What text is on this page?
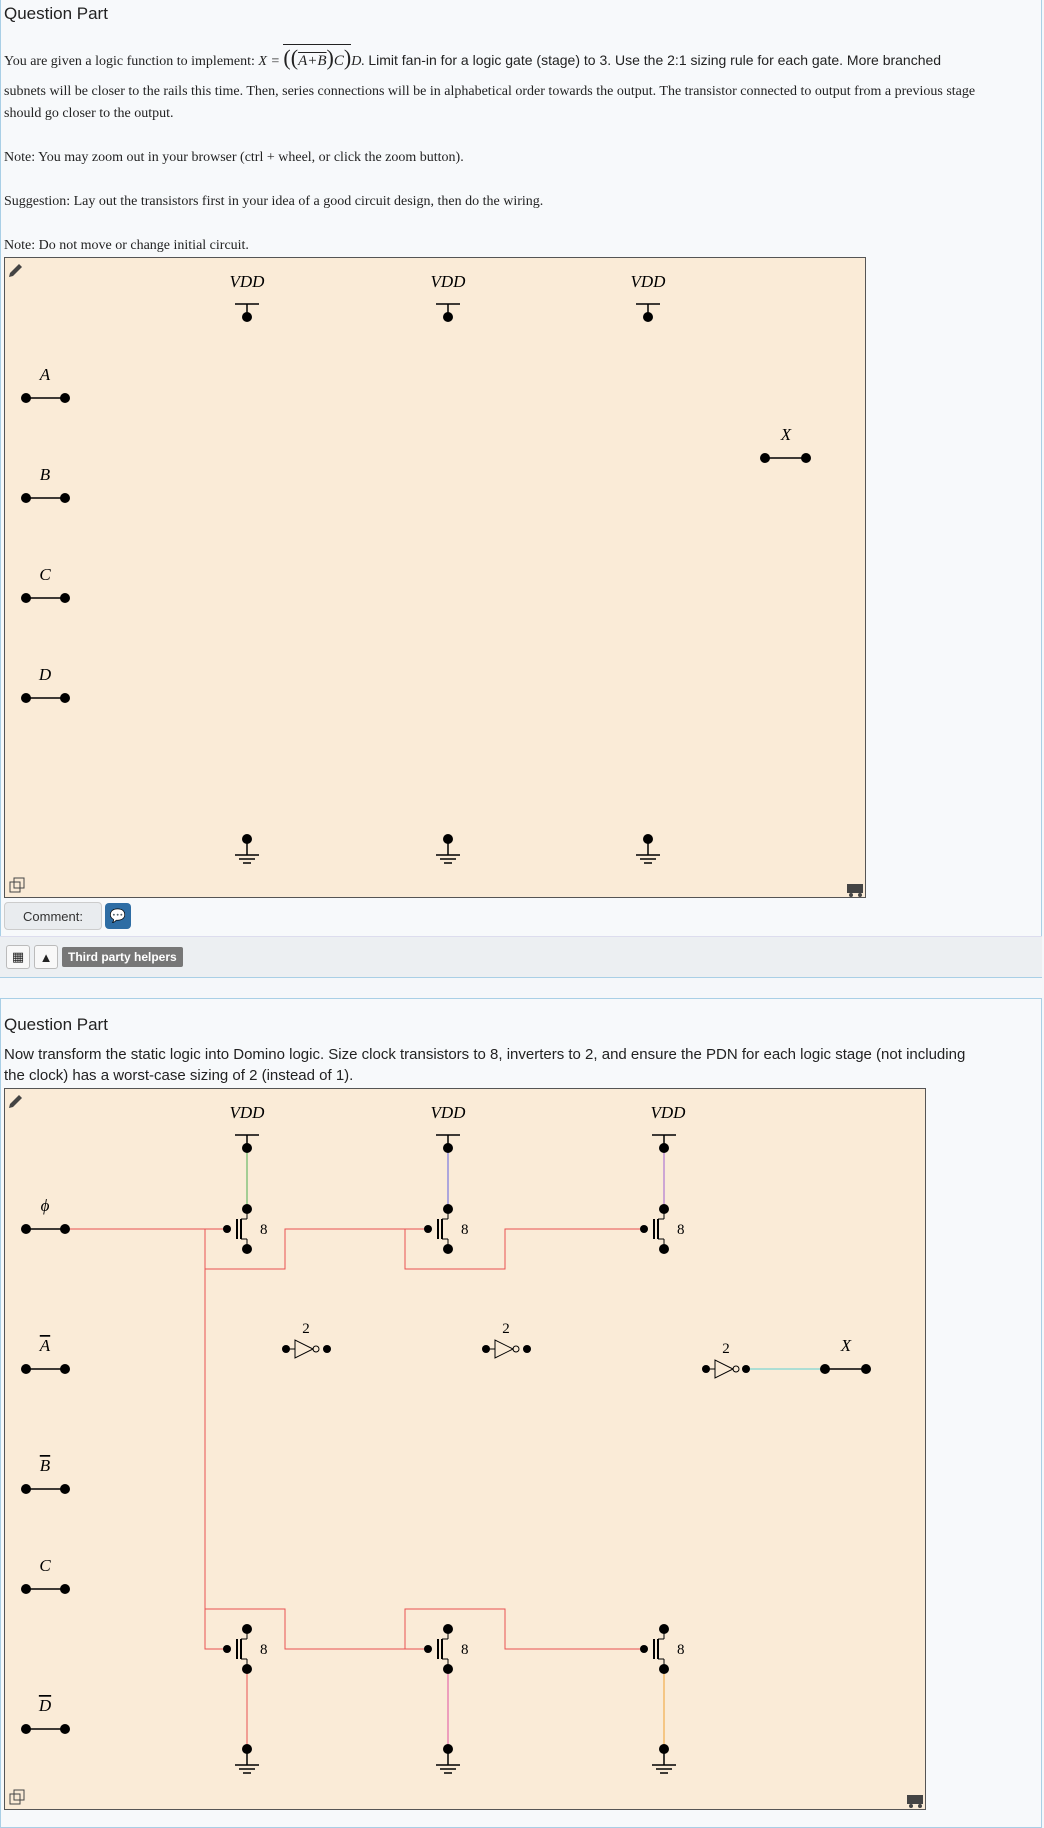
Question Part
You are given a logic function to implement: X = ((A+B)C)D. Limit fan-in for a logic gate (stage) to 3. Use the 2:1 sizing rule for each gate. More branched
subnets will be closer to the rails this time. Then, series connections will be in alphabetical order towards the output. The transistor connected to output from a previous stage
should go closer to the output.
Note: You may zoom out in your browser (ctrl + wheel, or click the zoom button).
Suggestion: Lay out the transistors first in your idea of a good circuit design, then do the wiring.
Note: Do not move or change initial circuit.
VDD	VDD	VDD
A
B
C
D
X
Comment:	💬
▦	▲	Third party helpers
Question Part
Now transform the static logic into Domino logic. Size clock transistors to 8, inverters to 2, and ensure the PDN for each logic stage (not including
the clock) has a worst-case sizing of 2 (instead of 1).
VDD	VDD	VDD
8	8	8
8	8	8
2	2
2
ϕ
A
B
C
D
X
